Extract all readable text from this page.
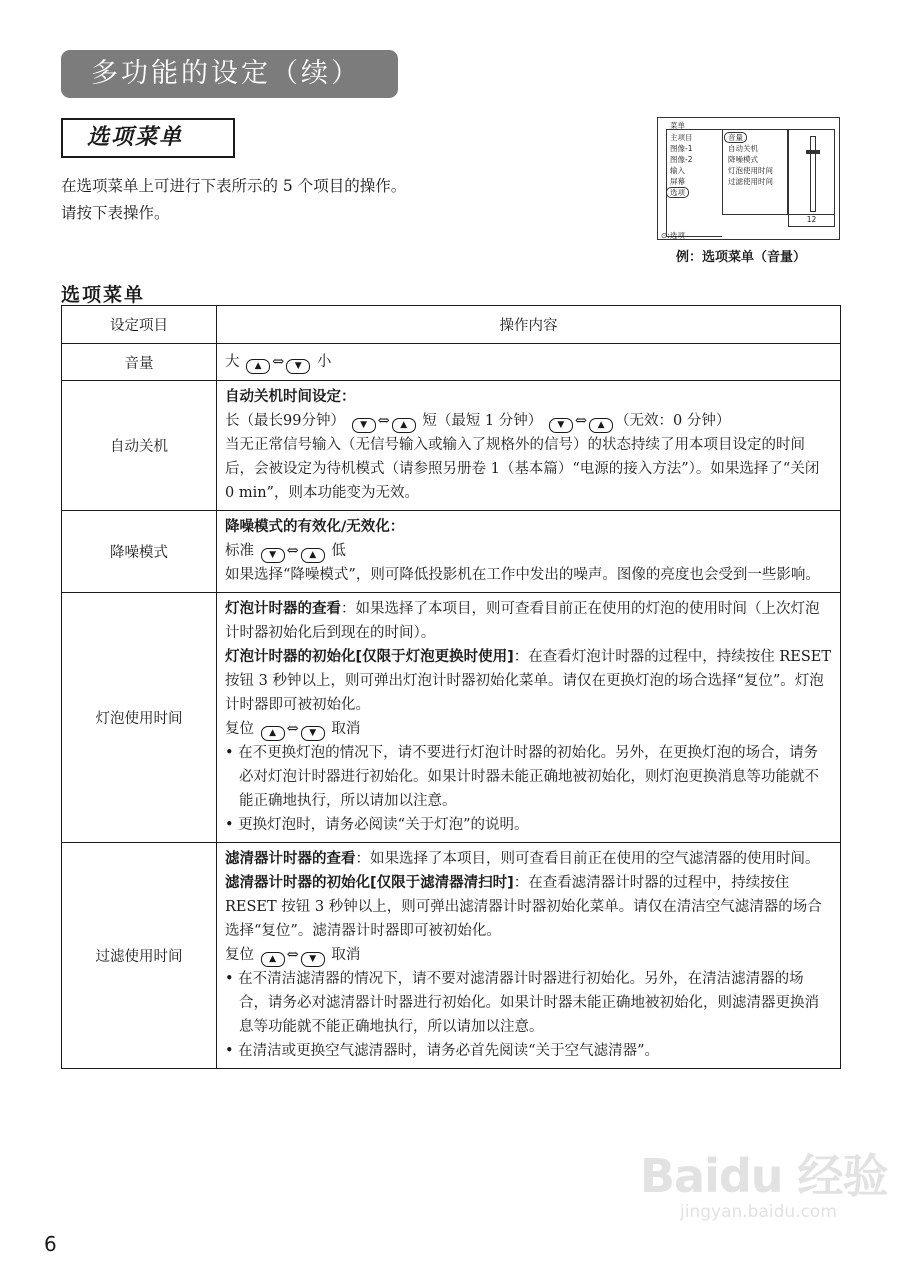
多功能的设定（续）
选项菜单
在选项菜单上可进行下表所示的 5 个项目的操作。
请按下表操作。
菜单
主项目
图像-1
图像-2
输入
屏幕
选项
音量
自动关机
降噪模式
灯泡使用时间
过滤使用时间
12
⊙:选项
例：选项菜单（音量）
选项菜单
设定项目	操作内容
音量	大 ▲ ⇔ ▼ 小
自动关机	自动关机时间设定：
长（最长99分钟） ▼ ⇔ ▲ 短（最短 1 分钟） ▼ ⇔ ▲ （无效：0 分钟）
当无正常信号输入（无信号输入或输入了规格外的信号）的状态持续了用本项目设定的时间后，会被设定为待机模式（请参照另册卷 1（基本篇）“电源的接入方法”）。如果选择了“关闭 0 min”，则本功能变为无效。

降噪模式	降噪模式的有效化/无效化：
标准 ▼ ⇔ ▲ 低
如果选择“降噪模式”，则可降低投影机在工作中发出的噪声。图像的亮度也会受到一些影响。

灯泡使用时间	灯泡计时器的查看：如果选择了本项目，则可查看目前正在使用的灯泡的使用时间（上次灯泡计时器初始化后到现在的时间）。
灯泡计时器的初始化[仅限于灯泡更换时使用]：在查看灯泡计时器的过程中，持续按住 RESET 按钮 3 秒钟以上，则可弹出灯泡计时器初始化菜单。请仅在更换灯泡的场合选择“复位”。灯泡计时器即可被初始化。
复位 ▲ ⇔ ▼ 取消
• 在不更换灯泡的情况下，请不要进行灯泡计时器的初始化。另外，在更换灯泡的场合，请务必对灯泡计时器进行初始化。如果计时器未能正确地被初始化，则灯泡更换消息等功能就不能正确地执行，所以请加以注意。
• 更换灯泡时，请务必阅读“关于灯泡”的说明。

过滤使用时间	滤清器计时器的查看：如果选择了本项目，则可查看目前正在使用的空气滤清器的使用时间。
滤清器计时器的初始化[仅限于滤清器清扫时]：在查看滤清器计时器的过程中，持续按住 RESET 按钮 3 秒钟以上，则可弹出滤清器计时器初始化菜单。请仅在清洁空气滤清器的场合选择“复位”。滤清器计时器即可被初始化。
复位 ▲ ⇔ ▼ 取消
• 在不清洁滤清器的情况下，请不要对滤清器计时器进行初始化。另外，在清洁滤清器的场合，请务必对滤清器计时器进行初始化。如果计时器未能正确地被初始化，则滤清器更换消息等功能就不能正确地执行，所以请加以注意。
• 在清洁或更换空气滤清器时，请务必首先阅读“关于空气滤清器”。
Baidu 经验
jingyan.baidu.com
6
